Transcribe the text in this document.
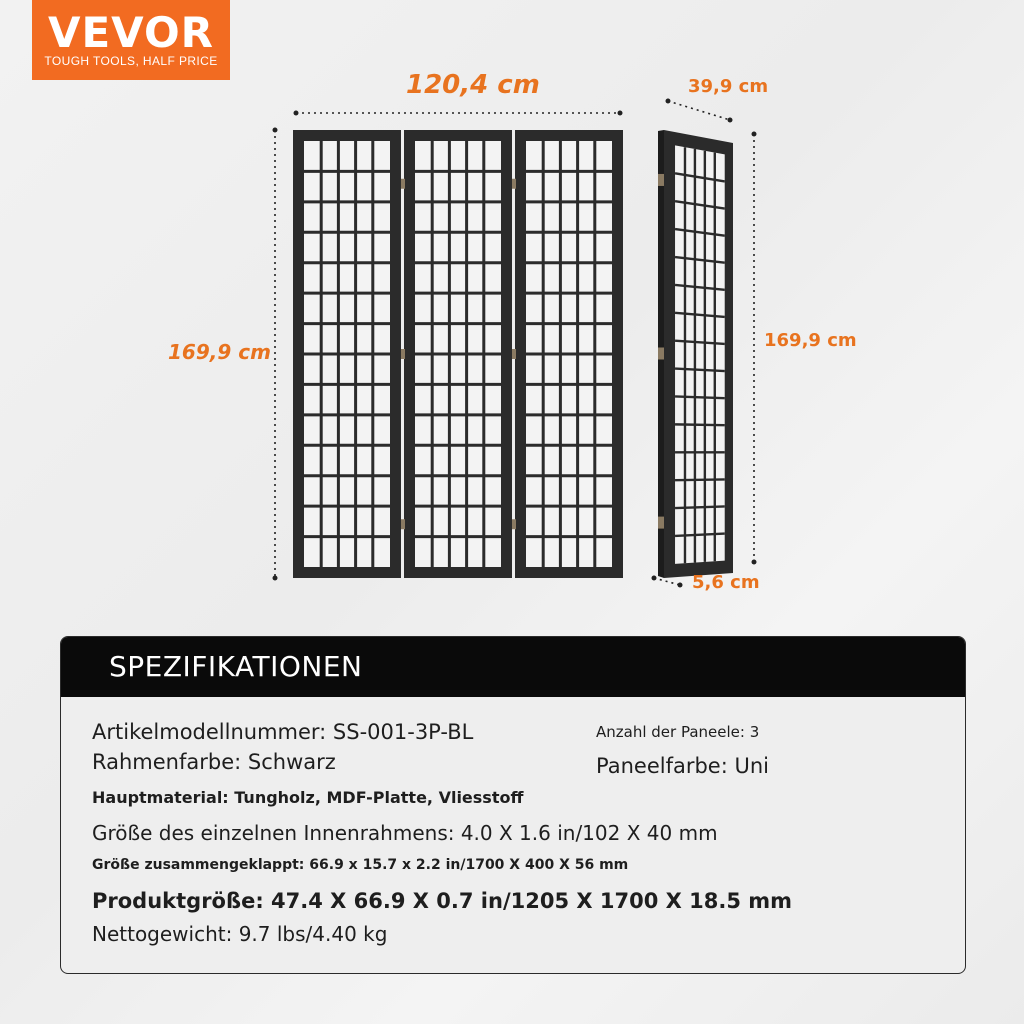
VEVOR
TOUGH TOOLS, HALF PRICE
120,4 cm
169,9 cm
39,9 cm
169,9 cm
5,6 cm
SPEZIFIKATIONEN
Artikelmodellnummer: SS-001-3P-BL
Rahmenfarbe: Schwarz
Anzahl der Paneele: 3
Paneelfarbe: Uni
Hauptmaterial: Tungholz, MDF-Platte, Vliesstoff
Größe des einzelnen Innenrahmens: 4.0 X 1.6 in/102 X 40 mm
Größe zusammengeklappt: 66.9 x 15.7 x 2.2 in/1700 X 400 X 56 mm
Produktgröße: 47.4 X 66.9 X 0.7 in/1205 X 1700 X 18.5 mm
Nettogewicht: 9.7 lbs/4.40 kg
